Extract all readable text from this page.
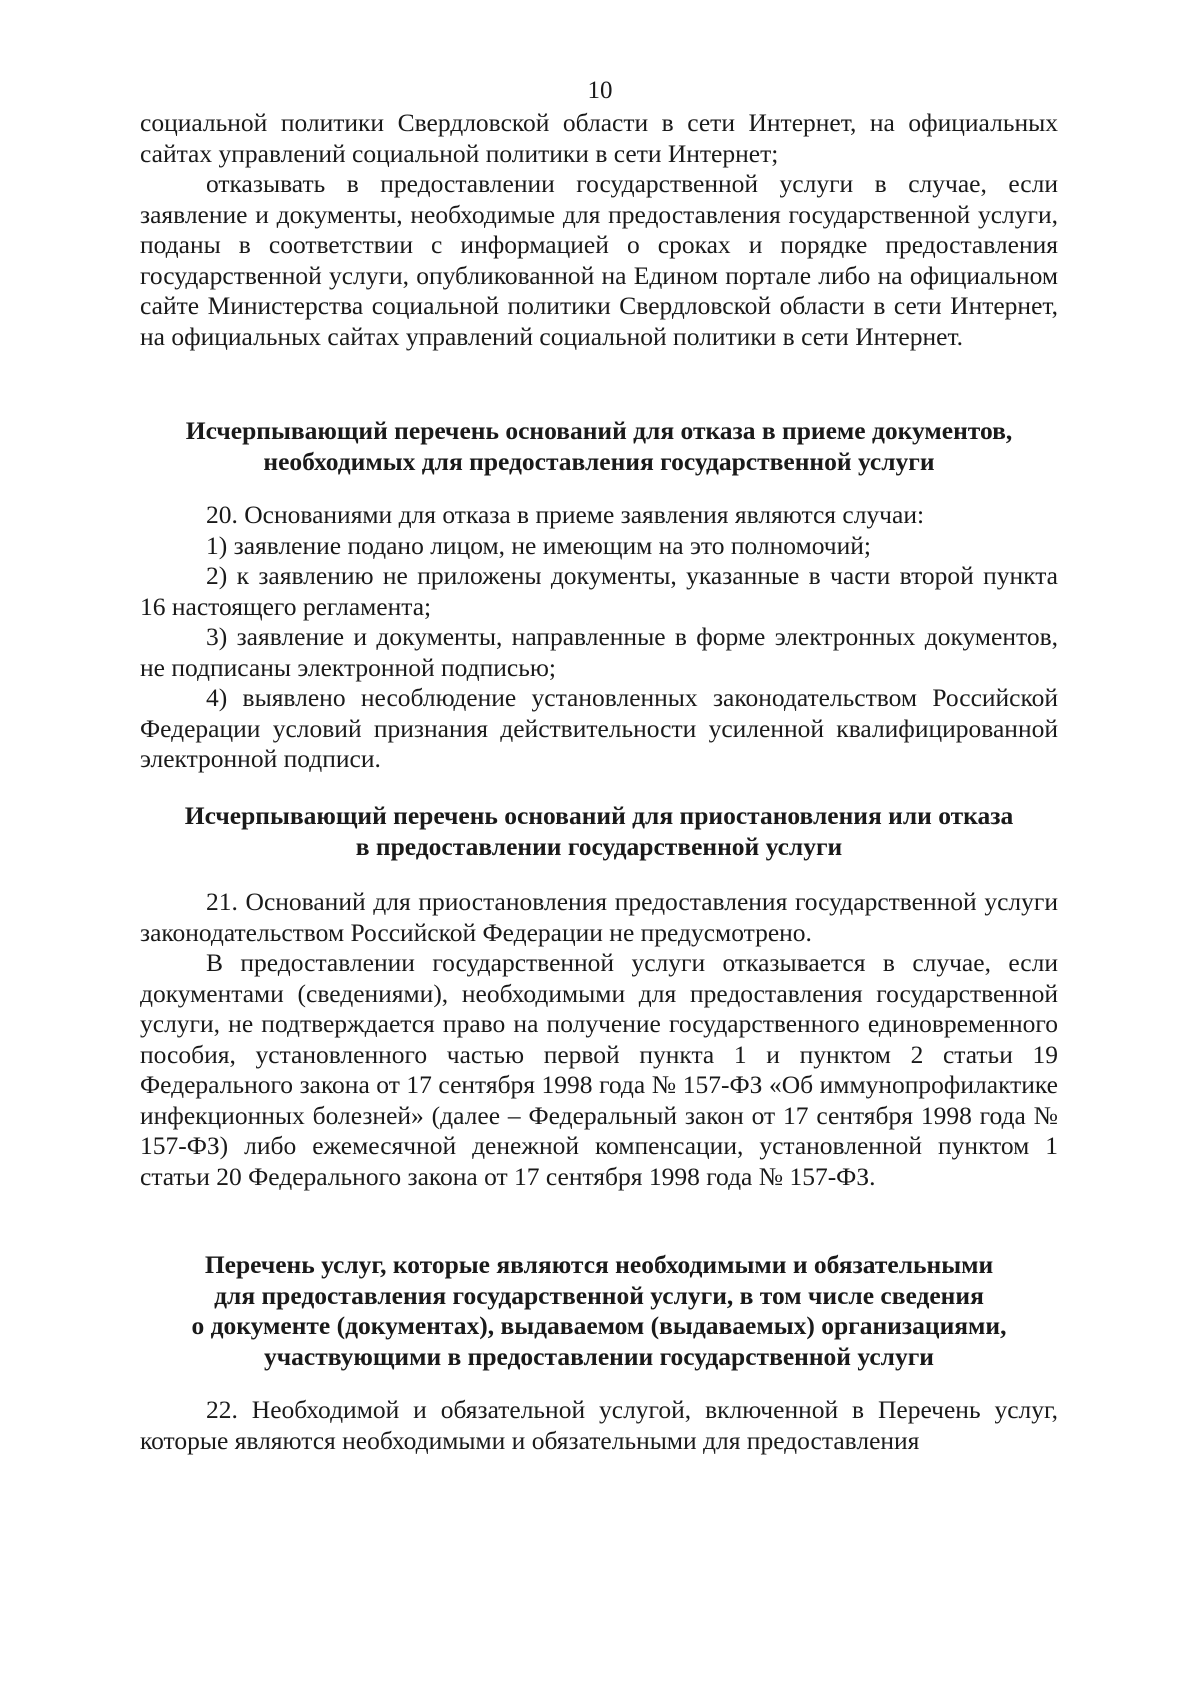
10

социальной политики Свердловской области в сети Интернет, на официальных сайтах управлений социальной политики в сети Интернет;

отказывать в предоставлении государственной услуги в случае, если заявление и документы, необходимые для предоставления государственной услуги, поданы в соответствии с информацией о сроках и порядке предоставления государственной услуги, опубликованной на Едином портале либо на официальном сайте Министерства социальной политики Свердловской области в сети Интернет, на официальных сайтах управлений социальной политики в сети Интернет.

Исчерпывающий перечень оснований для отказа в приеме документов,
необходимых для предоставления государственной услуги

20. Основаниями для отказа в приеме заявления являются случаи:

1) заявление подано лицом, не имеющим на это полномочий;

2) к заявлению не приложены документы, указанные в части второй пункта 16 настоящего регламента;

3) заявление и документы, направленные в форме электронных документов, не подписаны электронной подписью;

4) выявлено несоблюдение установленных законодательством Российской Федерации условий признания действительности усиленной квалифицированной электронной подписи.

Исчерпывающий перечень оснований для приостановления или отказа
в предоставлении государственной услуги

21. Оснований для приостановления предоставления государственной услуги законодательством Российской Федерации не предусмотрено.

В предоставлении государственной услуги отказывается в случае, если документами (сведениями), необходимыми для предоставления государственной услуги, не подтверждается право на получение государственного единовременного пособия, установленного частью первой пункта 1 и пунктом 2 статьи 19 Федерального закона от 17 сентября 1998 года № 157-ФЗ «Об иммунопрофилактике инфекционных болезней» (далее – Федеральный закон от 17 сентября 1998 года № 157-ФЗ) либо ежемесячной денежной компенсации, установленной пунктом 1 статьи 20 Федерального закона от 17 сентября 1998 года № 157-ФЗ.

Перечень услуг, которые являются необходимыми и обязательными
для предоставления государственной услуги, в том числе сведения
о документе (документах), выдаваемом (выдаваемых) организациями,
участвующими в предоставлении государственной услуги

22. Необходимой и обязательной услугой, включенной в Перечень услуг, которые являются необходимыми и обязательными для предоставления
